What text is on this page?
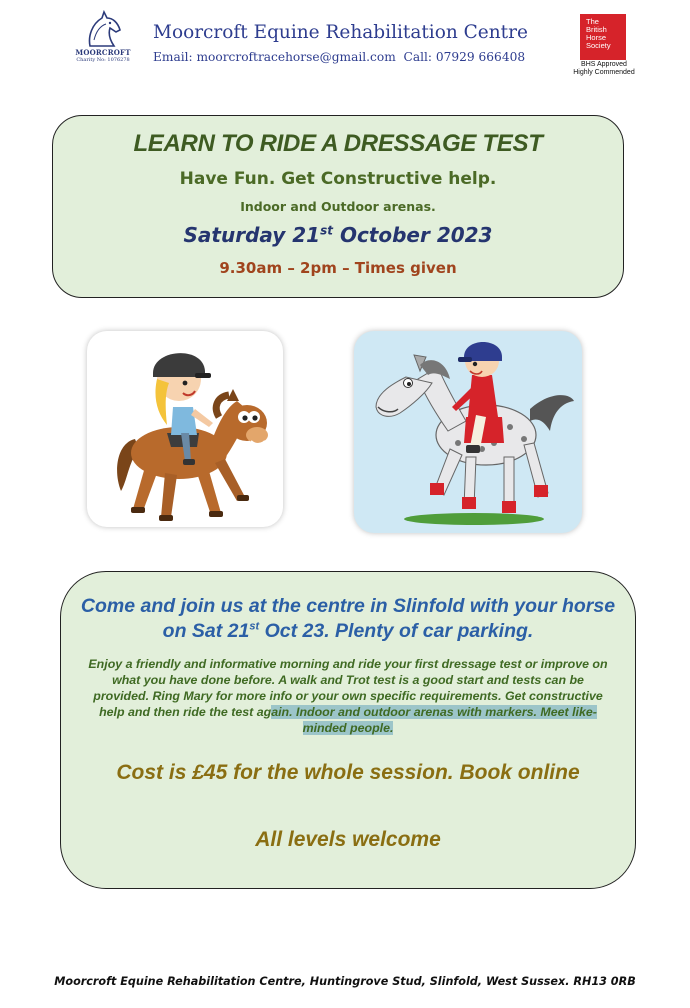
MOORCROFT
Charity No: 1076278
Moorcroft Equine Rehabilitation Centre
Email: moorcroftracehorse@gmail.com Call: 07929 666408
The
British
Horse
Society
BHS Approved
Highly Commended
LEARN TO RIDE A DRESSAGE TEST
Have Fun. Get Constructive help.
Indoor and Outdoor arenas.
Saturday 21st October 2023
9.30am – 2pm – Times given
Come and join us at the centre in Slinfold with your horse on Sat 21st Oct 23. Plenty of car parking.
Enjoy a friendly and informative morning and ride your first dressage test or improve on what you have done before. A walk and Trot test is a good start and tests can be provided. Ring Mary for more info or your own specific requirements. Get constructive help and then ride the test again. Indoor and outdoor arenas with markers. Meet like-minded people.
Cost is £45 for the whole session. Book online
All levels welcome
Moorcroft Equine Rehabilitation Centre, Huntingrove Stud, Slinfold, West Sussex. RH13 0RB
